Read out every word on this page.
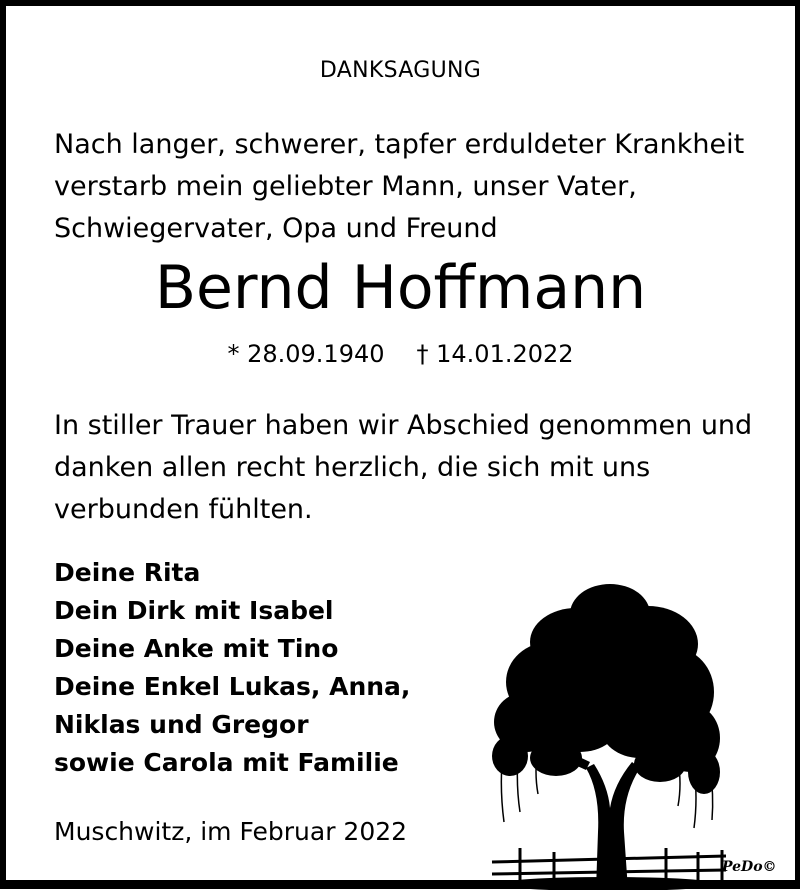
DANKSAGUNG
Nach langer, schwerer, tapfer erduldeter Krankheit
verstarb mein geliebter Mann, unser Vater,
Schwiegervater, Opa und Freund
Bernd Hoffmann
* 28.09.1940 † 14.01.2022
In stiller Trauer haben wir Abschied genommen und
danken allen recht herzlich, die sich mit uns
verbunden fühlten.
Deine Rita
Dein Dirk mit Isabel
Deine Anke mit Tino
Deine Enkel Lukas, Anna,
Niklas und Gregor
sowie Carola mit Familie
Muschwitz, im Februar 2022
PeDo©
